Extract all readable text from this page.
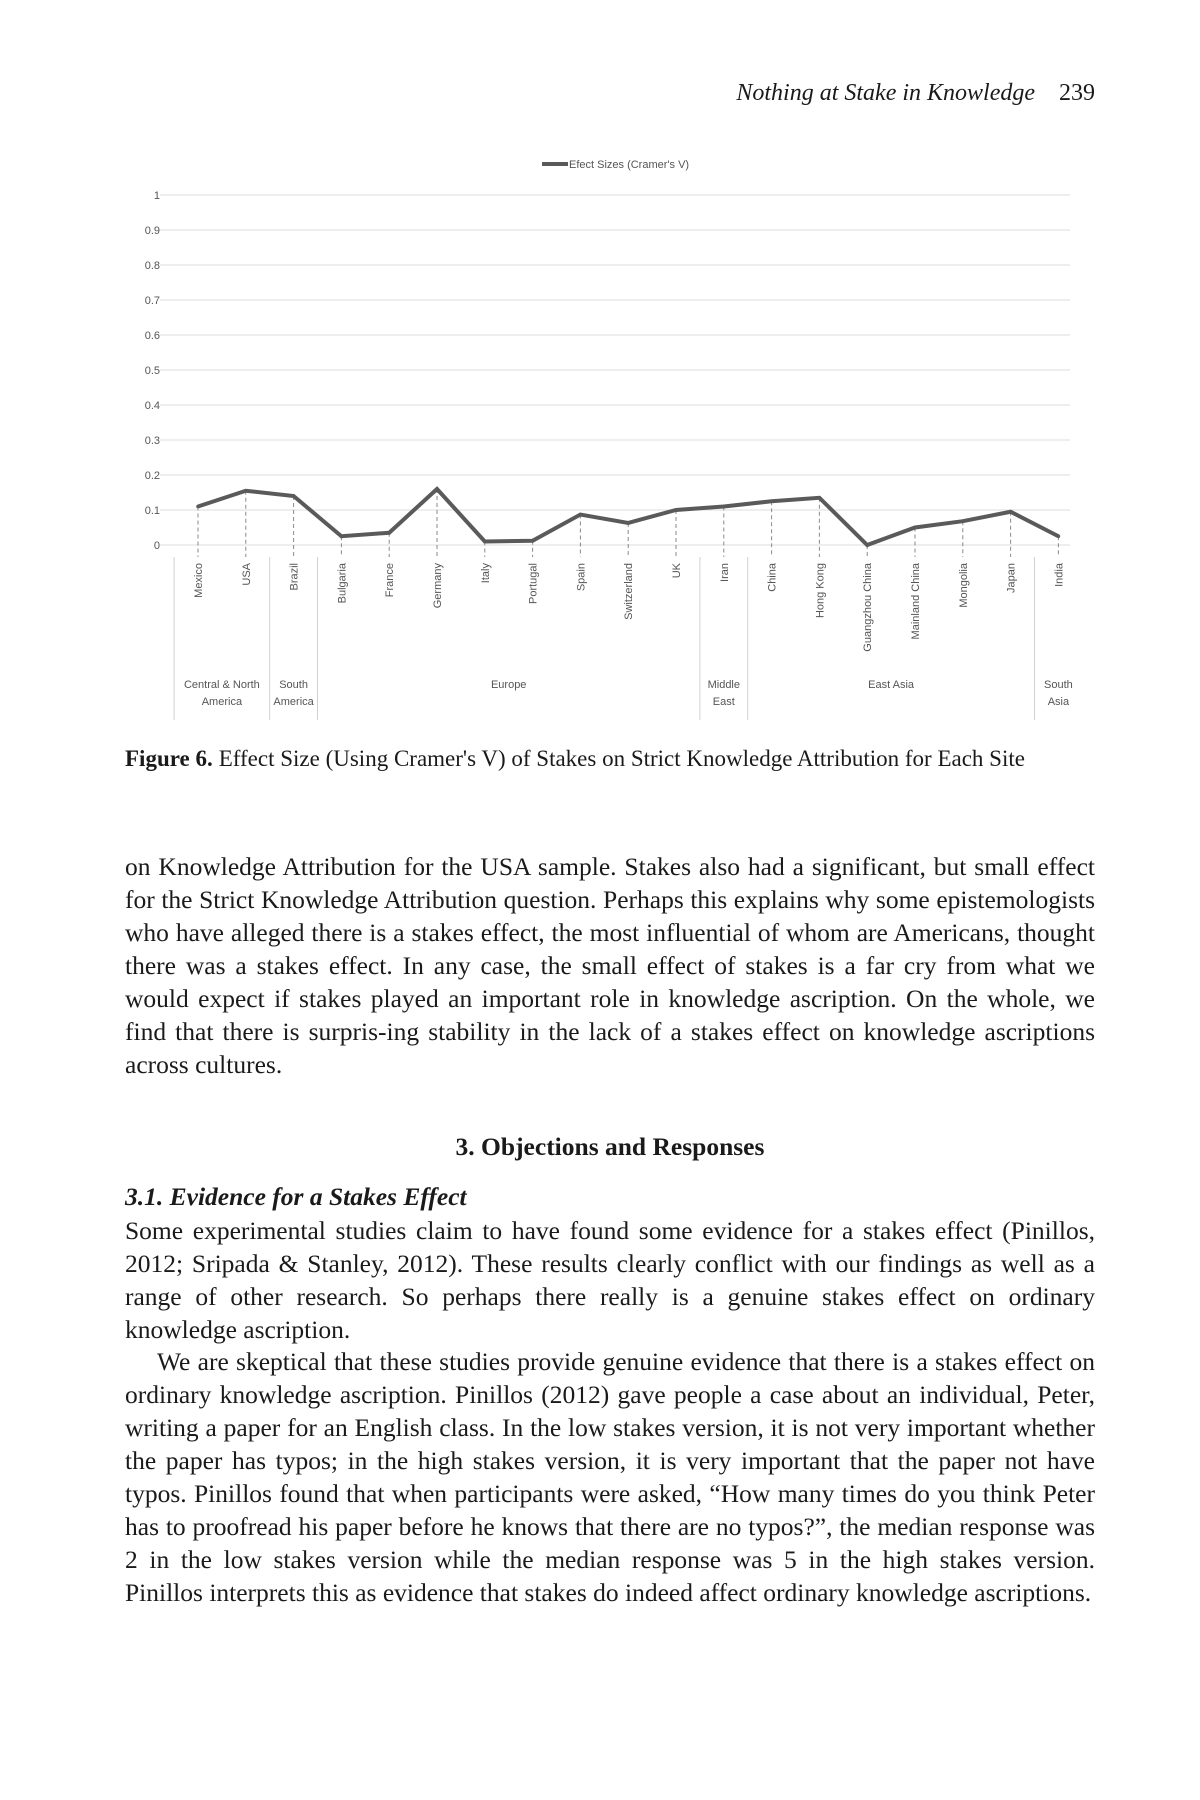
Nothing at Stake in Knowledge 239
Efect Sizes (Cramer's V)
0
0.1
0.2
0.3
0.4
0.5
0.6
0.7
0.8
0.9
1
Mexico	USA	Brazil	Bulgaria	France	Germany	Italy	Portugal	Spain	Switzerland	UK	Iran	China	Hong Kong	Guangzhou China	Mainland China	Mongolia	Japan	India
Central & North
America
South
America
Europe	Middle
East
East Asia	South
Asia

Figure 6. Effect Size (Using Cramer's V) of Stakes on Strict Knowledge Attribution for Each Site

on Knowledge Attribution for the USA sample. Stakes also had a significant, but small effect for the Strict Knowledge Attribution question. Perhaps this explains why some epistemologists who have alleged there is a stakes effect, the most influential of whom are Americans, thought there was a stakes effect. In any case, the small effect of stakes is a far cry from what we would expect if stakes played an important role in knowledge ascription. On the whole, we find that there is surpris-ing stability in the lack of a stakes effect on knowledge ascriptions across cultures.

3. Objections and Responses
3.1. Evidence for a Stakes Effect

Some experimental studies claim to have found some evidence for a stakes effect (Pinillos, 2012; Sripada & Stanley, 2012). These results clearly conflict with our findings as well as a range of other research. So perhaps there really is a genuine stakes effect on ordinary knowledge ascription.

We are skeptical that these studies provide genuine evidence that there is a stakes effect on ordinary knowledge ascription. Pinillos (2012) gave people a case about an individual, Peter, writing a paper for an English class. In the low stakes version, it is not very important whether the paper has typos; in the high stakes version, it is very important that the paper not have typos. Pinillos found that when participants were asked, “How many times do you think Peter has to proofread his paper before he knows that there are no typos?”, the median response was 2 in the low stakes version while the median response was 5 in the high stakes version. Pinillos interprets this as evidence that stakes do indeed affect ordinary knowledge ascriptions.
